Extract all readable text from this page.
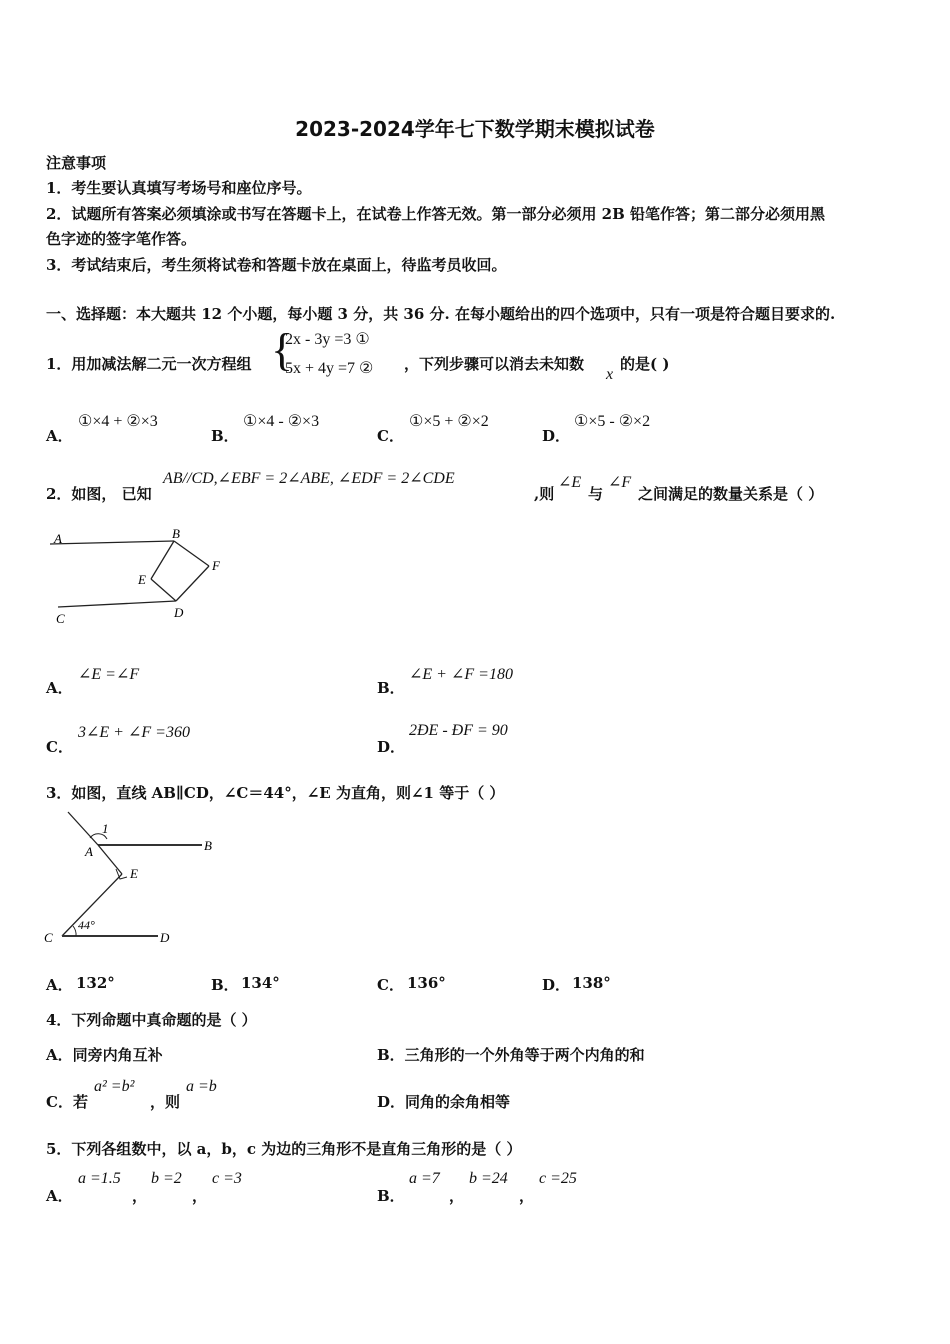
2023-2024学年七下数学期末模拟试卷
注意事项
1．考生要认真填写考场号和座位序号。
2．试题所有答案必须填涂或书写在答题卡上，在试卷上作答无效。第一部分必须用 2B 铅笔作答；第二部分必须用黑
色字迹的签字笔作答。
3．考试结束后，考生须将试卷和答题卡放在桌面上，待监考员收回。
一、选择题：本大题共 12 个小题，每小题 3 分，共 36 分. 在每小题给出的四个选项中，只有一项是符合题目要求的.
1．用加减法解二元一次方程组 {
2x - 3y =3 ①
5x + 4y =7 ② ，下列步骤可以消去未知数
x
的是( )
A．
①×4 + ②×3
B．
①×4 - ②×3
C．
①×5 + ②×2
D．
①×5 - ②×2
2．如图， 已知
AB//CD,∠EBF = 2∠ABE, ∠EDF = 2∠CDE
,则
∠E
与
∠F
之间满足的数量关系是（ ）
A	B
E
F
C	D
A．
∠E =∠F
B．
∠E + ∠F =180
C．
3∠E + ∠F =360
D．
2ÐE - ÐF = 90
3．如图，直线 AB∥CD，∠C＝44°，∠E 为直角，则∠1 等于（ ）
1
A	B
E
44°
C	D
A． 132°	B． 134°	C． 136°	D． 138°
4．下列命题中真命题的是（ ）
A．同旁内角互补	B．三角形的一个外角等于两个内角的和
C．若
a² =b²
，则
a =b
D．同角的余角相等
5．下列各组数中，以 a，b，c 为边的三角形不是直角三角形的是（ ）
A．
a =1.5
，
b =2
，
c =3
B．
a =7
，
b =24
，
c =25
